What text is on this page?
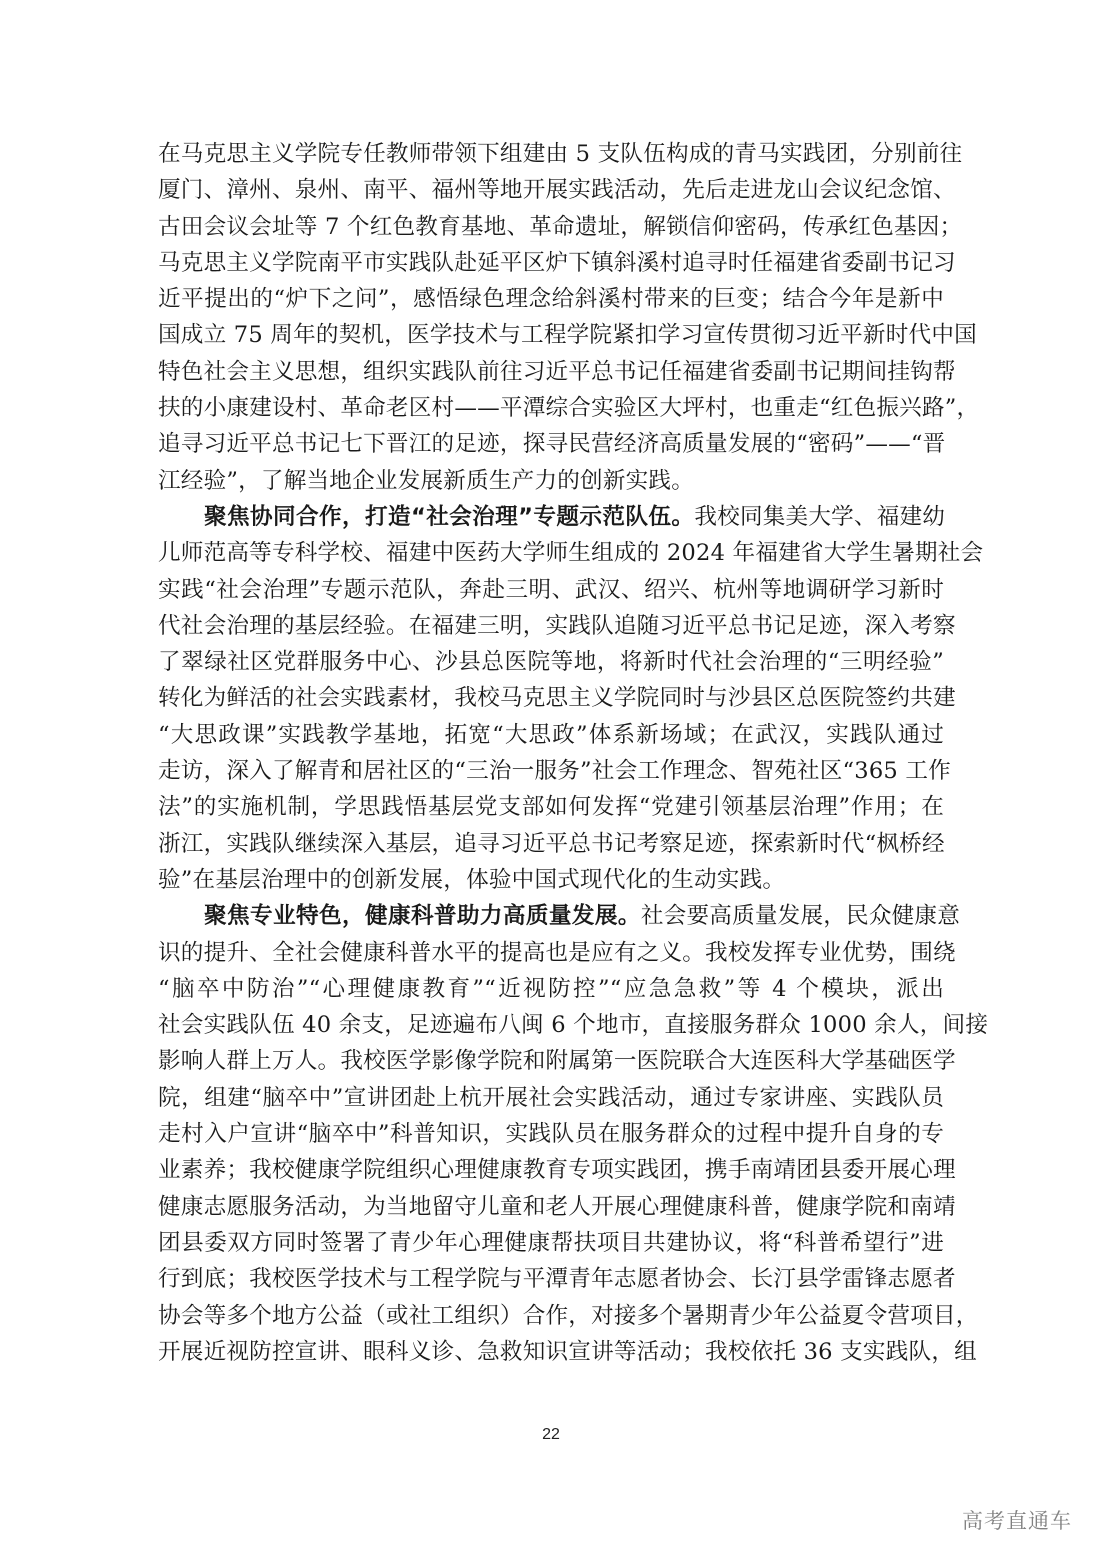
在马克思主义学院专任教师带领下组建由 5 支队伍构成的青马实践团，分别前往
厦门、漳州、泉州、南平、福州等地开展实践活动，先后走进龙山会议纪念馆、
古田会议会址等 7 个红色教育基地、革命遗址，解锁信仰密码，传承红色基因；
马克思主义学院南平市实践队赴延平区炉下镇斜溪村追寻时任福建省委副书记习
近平提出的“炉下之问”，感悟绿色理念给斜溪村带来的巨变；结合今年是新中
国成立 75 周年的契机，医学技术与工程学院紧扣学习宣传贯彻习近平新时代中国
特色社会主义思想，组织实践队前往习近平总书记任福建省委副书记期间挂钩帮
扶的小康建设村、革命老区村——平潭综合实验区大坪村，也重走“红色振兴路”，
追寻习近平总书记七下晋江的足迹，探寻民营经济高质量发展的“密码”——“晋
江经验”，了解当地企业发展新质生产力的创新实践。
聚焦协同合作，打造“社会治理”专题示范队伍。我校同集美大学、福建幼
儿师范高等专科学校、福建中医药大学师生组成的 2024 年福建省大学生暑期社会
实践“社会治理”专题示范队，奔赴三明、武汉、绍兴、杭州等地调研学习新时
代社会治理的基层经验。在福建三明，实践队追随习近平总书记足迹，深入考察
了翠绿社区党群服务中心、沙县总医院等地，将新时代社会治理的“三明经验”
转化为鲜活的社会实践素材，我校马克思主义学院同时与沙县区总医院签约共建
“大思政课”实践教学基地，拓宽“大思政”体系新场域；在武汉，实践队通过
走访，深入了解青和居社区的“三治一服务”社会工作理念、智苑社区“365 工作
法”的实施机制，学思践悟基层党支部如何发挥“党建引领基层治理”作用；在
浙江，实践队继续深入基层，追寻习近平总书记考察足迹，探索新时代“枫桥经
验”在基层治理中的创新发展，体验中国式现代化的生动实践。
聚焦专业特色，健康科普助力高质量发展。社会要高质量发展，民众健康意
识的提升、全社会健康科普水平的提高也是应有之义。我校发挥专业优势，围绕
“脑卒中防治”“心理健康教育”“近视防控”“应急急救”等 4 个模块，派出
社会实践队伍 40 余支，足迹遍布八闽 6 个地市，直接服务群众 1000 余人，间接
影响人群上万人。我校医学影像学院和附属第一医院联合大连医科大学基础医学
院，组建“脑卒中”宣讲团赴上杭开展社会实践活动，通过专家讲座、实践队员
走村入户宣讲“脑卒中”科普知识，实践队员在服务群众的过程中提升自身的专
业素养；我校健康学院组织心理健康教育专项实践团，携手南靖团县委开展心理
健康志愿服务活动，为当地留守儿童和老人开展心理健康科普，健康学院和南靖
团县委双方同时签署了青少年心理健康帮扶项目共建协议，将“科普希望行”进
行到底；我校医学技术与工程学院与平潭青年志愿者协会、长汀县学雷锋志愿者
协会等多个地方公益（或社工组织）合作，对接多个暑期青少年公益夏令营项目，
开展近视防控宣讲、眼科义诊、急救知识宣讲等活动；我校依托 36 支实践队，组
22
高考直通车
